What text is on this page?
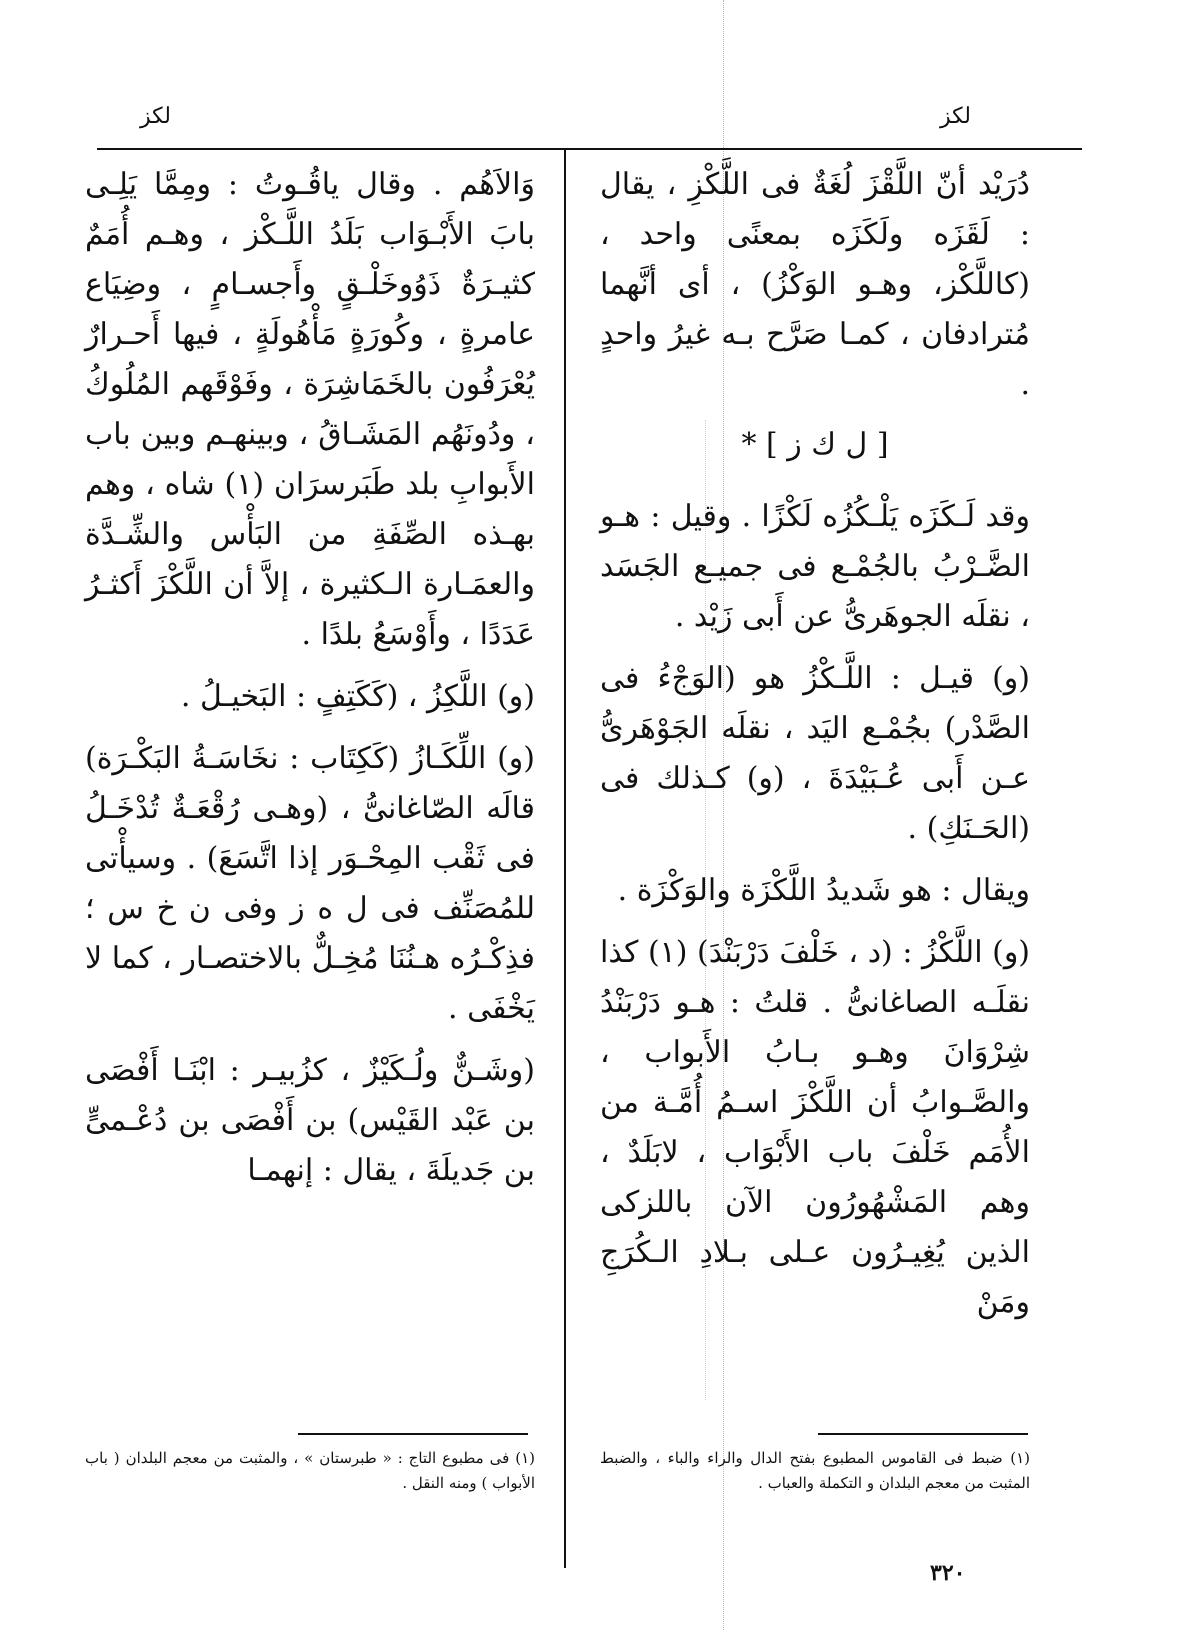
لكز
لكز

دُرَيْد أنّ اللَّقْزَ لُغَةٌ فى اللَّكْزِ ، يقال : لَقَزَه ولَكَزَه بمعنًى واحد ، (كاللَّكْز، وهـو الوَكْزُ) ، أى أنَّهما مُترادفان ، كمـا صَرَّح بـه غيرُ واحدٍ .

[ ل ك ز ] *

وقد لَـكَزَه يَلْـكُزُه لَكْزًا . وقيل : هـو الضَّـرْبُ بالجُمْـع فى جميـع الجَسَد ، نقلَه الجوهَرىُّ عن أَبى زَيْد .

(و) قيـل : اللَّـكْزُ هو (الوَجْءُ فى الصَّدْر) بجُمْـع اليَد ، نقلَه الجَوْهَرىُّ عـن أَبى عُـبَيْدَةَ ، (و) كـذلك فى (الحَـنَكِ) .

ويقال : هو شَديدُ اللَّكْزَة والوَكْزَة .

(و) اللَّكْزُ : (د ، خَلْفَ دَرْبَنْدَ) (١) كذا نقلَـه الصاغانىُّ . قلتُ : هـو دَرْبَنْدُ شِرْوَانَ وهـو بـابُ الأَبواب ، والصَّـوابُ أن اللَّكْزَ اسـمُ أُمَّـة من الأُمَم خَلْفَ باب الأَبْوَاب ، لابَلَدٌ ، وهم المَشْهُورُون الآن باللزكى الذين يُغِيـرُون عـلى بـلادِ الـكُرَجِ ومَنْ

وَالاَهُم . وقال ياقُـوتُ : ومِمَّا يَلِـى بابَ الأَبْـوَاب بَلَدُ اللَّـكْز ، وهـم أُمَمٌ كثيـرَةٌ ذَوُوخَلْـقٍ وأَجسـامٍ ، وضِيَاع عامرةٍ ، وكُورَةٍ مَأْهُولَةٍ ، فيها أَحـرارٌ يُعْرَفُون بالخَمَاشِرَة ، وفَوْقَهم المُلُوكُ ، ودُونَهُم المَشَـاقُ ، وبينهـم وبين باب الأَبوابِ بلد طَبَرسرَان (١) شاه ، وهم بهـذه الصِّفَةِ من البَأْس والشِّـدَّة والعمَـارة الـكثيرة ، إلاَّ أن اللَّكْزَ أَكثـرُ عَدَدًا ، وأَوْسَعُ بلدًا .

(و) اللَّكِزُ ، (كَكَتِفٍ : البَخيـلُ .

(و) اللِّكَـازُ (كَكِتَاب : نخَاسَـةُ البَكْـرَة) قالَه الصّاغانىُّ ، (وهـى رُقْعَـةٌ تُدْخَـلُ فى ثَقْب المِحْـوَر إذا اتَّسَعَ) . وسيأْتى للمُصَنِّف فى ل ه ز وفى ن خ س ؛ فذِكْـرُه هـنُنَا مُخِـلٌّ بالاختصـار ، كما لا يَخْفَى .

(وشَـنٌّ ولُـكَيْزٌ ، كزُبيـر : ابْنَـا أَفْصَى بن عَبْد القَيْس) بن أَفْصَى بن دُعْـمىٍّ بن جَديلَةَ ، يقال : إنهمـا

(١) ضبط فى القاموس المطبوع بفتح الدال والراء والباء ، والضبط المثبت من معجم البلدان و التكملة والعباب .
(١) فى مطبوع التاج : « طبرستان » ، والمثبت من معجم البلدان ( باب الأبواب ) ومنه النقل .
٣٢٠
